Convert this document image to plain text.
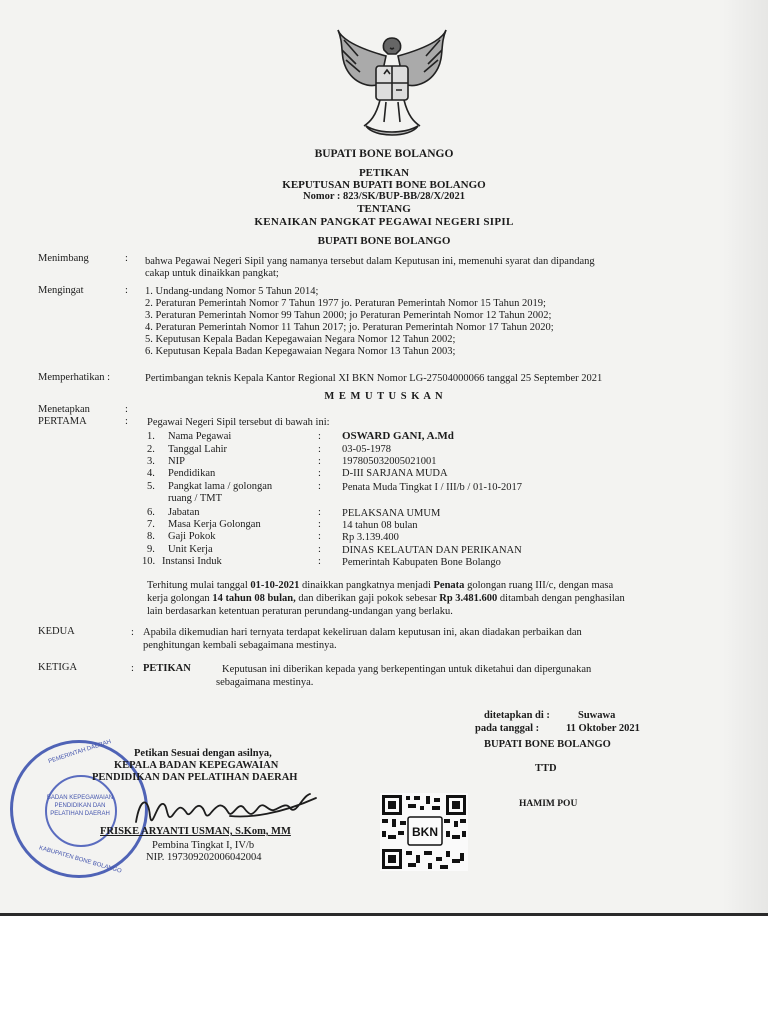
BUPATI BONE BOLANGO
PETIKAN
KEPUTUSAN BUPATI BONE BOLANGO
Nomor : 823/SK/BUP-BB/28/X/2021
TENTANG
KENAIKAN PANGKAT PEGAWAI NEGERI SIPIL
BUPATI BONE BOLANGO
Menimbang	: bahwa Pegawai Negeri Sipil yang namanya tersebut dalam Keputusan ini, memenuhi syarat dan dipandang
cakap untuk dinaikkan pangkat;
Mengingat	: 1. Undang-undang Nomor 5 Tahun 2014;
2. Peraturan Pemerintah Nomor 7 Tahun 1977 jo. Peraturan Pemerintah Nomor 15 Tahun 2019;
3. Peraturan Pemerintah Nomor 99 Tahun 2000; jo Peraturan Pemerintah Nomor 12 Tahun 2002;
4. Peraturan Pemerintah Nomor 11 Tahun 2017; jo. Peraturan Pemerintah Nomor 17 Tahun 2020;
5. Keputusan Kepala Badan Kepegawaian Negara Nomor 12 Tahun 2002;
6. Keputusan Kepala Badan Kepegawaian Negara Nomor 13 Tahun 2003;
Memperhatikan :	Pertimbangan teknis Kepala Kantor Regional XI BKN Nomor LG-27504000066 tanggal 25 September 2021
M E M U T U S K A N
Menetapkan	:
PERTAMA	: Pegawai Negeri Sipil tersebut di bawah ini:
1. Nama Pegawai	: OSWARD GANI, A.Md
2. Tanggal Lahir	: 03-05-1978
3. NIP	: 197805032005021001
4. Pendidikan	: D-III SARJANA MUDA
5. Pangkat lama / golongan	: Penata Muda Tingkat I / III/b / 01-10-2017
ruang / TMT
6. Jabatan	: PELAKSANA UMUM
7. Masa Kerja Golongan	: 14 tahun 08 bulan
8. Gaji Pokok	: Rp 3.139.400
9. Unit Kerja	: DINAS KELAUTAN DAN PERIKANAN
10. Instansi Induk	: Pemerintah Kabupaten Bone Bolango
Terhitung mulai tanggal 01-10-2021 dinaikkan pangkatnya menjadi Penata golongan ruang III/c, dengan masa
kerja golongan 14 tahun 08 bulan, dan diberikan gaji pokok sebesar Rp 3.481.600 ditambah dengan penghasilan
lain berdasarkan ketentuan peraturan perundang-undangan yang berlaku.
KEDUA	: Apabila dikemudian hari ternyata terdapat kekeliruan dalam keputusan ini, akan diadakan perbaikan dan
penghitungan kembali sebagaimana mestinya.
KETIGA	: PETIKAN	Keputusan ini diberikan kepada yang berkepentingan untuk diketahui dan dipergunakan
sebagaimana mestinya.
ditetapkan di :	Suwawa
pada tanggal :	11 Oktober 2021
BUPATI BONE BOLANGO
TTD
HAMIM POU
PEMERINTAH DAERAH
KABUPATEN BONE BOLANGO
BADAN KEPEGAWAIAN
PENDIDIKAN DAN
PELATIHAN DAERAH
Petikan Sesuai dengan asilnya,
KEPALA BADAN KEPEGAWAIAN
PENDIDIKAN DAN PELATIHAN DAERAH
FRISKE ARYANTI USMAN, S.Kom, MM
Pembina Tingkat I, IV/b
NIP. 197309202006042004
BKN
